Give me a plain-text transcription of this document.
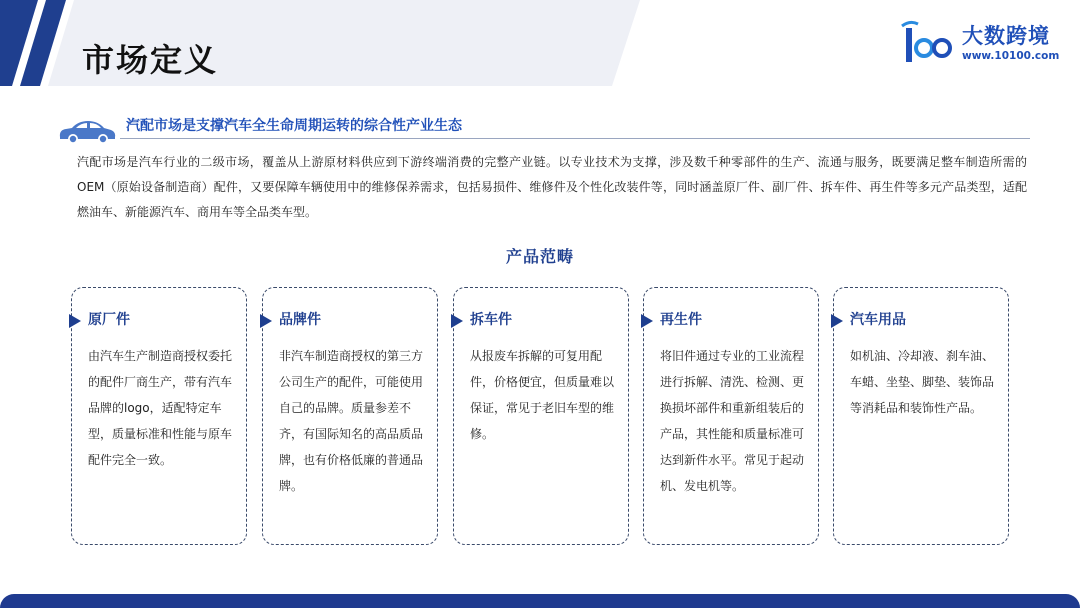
市场定义
大数跨境
www.10100.com
汽配市场是支撑汽车全生命周期运转的综合性产业生态

汽配市场是汽车行业的二级市场，覆盖从上游原材料供应到下游终端消费的完整产业链。以专业技术为支撑，涉及数千种零部件的生产、流通与服务，既要满足整车制造所需的OEM（原始设备制造商）配件，又要保障车辆使用中的维修保养需求，包括易损件、维修件及个性化改装件等，同时涵盖原厂件、副厂件、拆车件、再生件等多元产品类型，适配燃油车、新能源汽车、商用车等全品类车型。

产品范畴
原厂件
由汽车生产制造商授权委托的配件厂商生产，带有汽车品牌的logo，适配特定车型，质量标准和性能与原车配件完全一致。
品牌件
非汽车制造商授权的第三方公司生产的配件，可能使用自己的品牌。质量参差不齐，有国际知名的高品质品牌，也有价格低廉的普通品牌。
拆车件
从报废车拆解的可复用配件，价格便宜，但质量难以保证，常见于老旧车型的维修。
再生件
将旧件通过专业的工业流程进行拆解、清洗、检测、更换损坏部件和重新组装后的产品，其性能和质量标准可达到新件水平。常见于起动机、发电机等。
汽车用品
如机油、冷却液、刹车油、车蜡、坐垫、脚垫、装饰品等消耗品和装饰性产品。
